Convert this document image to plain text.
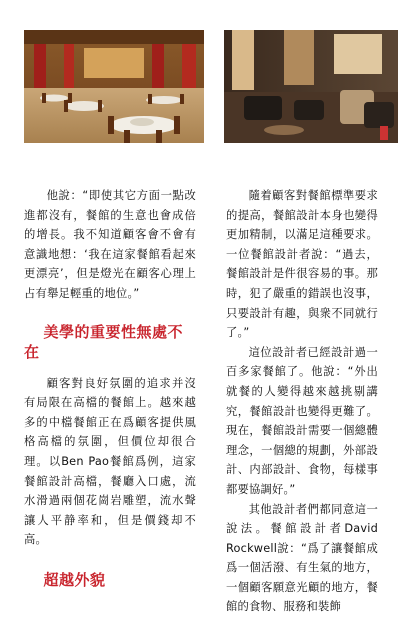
他說：“即使其它方面一點改進都沒有，餐館的生意也會成倍的增長。我不知道顧客會不會有意識地想：‘我在這家餐館看起來更漂亮’，但是燈光在顧客心理上占有舉足輕重的地位。”

美學的重要性無處不在

顧客對良好氛圍的追求并沒有局限在高檔的餐館上。越來越多的中檔餐館正在爲顧客提供風格高檔的氛圍，但價位却很合理。以Ben Pao餐館爲例，這家餐館設計高檔，餐廳入口處，流水滑過兩個花崗岩雕塑，流水聲讓人平静率和，但是價錢却不高。

超越外貌

隨着顧客對餐館標準要求的提高，餐館設計本身也變得更加精制，以滿足這種要求。一位餐館設計者說：“過去，餐館設計是件很容易的事。那時，犯了嚴重的錯誤也沒事，只要設計有趣，與衆不同就行了。”

這位設計者已經設計過一百多家餐館了。他說：“外出就餐的人變得越來越挑剔講究，餐館設計也變得更難了。現在，餐館設計需要一個總體理念，一個總的規劃，外部設計、内部設計、食物，每樣事都要協調好。”

其他設計者們都同意這一說法。餐館設計者David Rockwell說：“爲了讓餐館成爲一個活潑、有生氣的地方，一個顧客願意光顧的地方，餐館的食物、服務和裝飾
